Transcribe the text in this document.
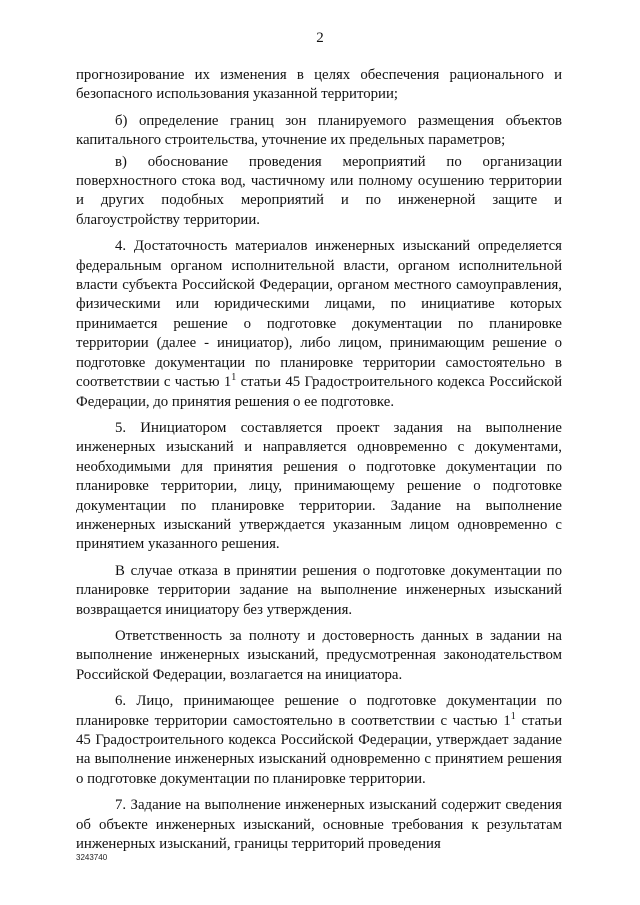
2

прогнозирование их изменения в целях обеспечения рационального и безопасного использования указанной территории;

б) определение границ зон планируемого размещения объектов капитального строительства, уточнение их предельных параметров;

в) обоснование проведения мероприятий по организации поверхностного стока вод, частичному или полному осушению территории и других подобных мероприятий и по инженерной защите и благоустройству территории.

4. Достаточность материалов инженерных изысканий определяется федеральным органом исполнительной власти, органом исполнительной власти субъекта Российской Федерации, органом местного самоуправления, физическими или юридическими лицами, по инициативе которых принимается решение о подготовке документации по планировке территории (далее - инициатор), либо лицом, принимающим решение о подготовке документации по планировке территории самостоятельно в соответствии с частью $1^1$ статьи 45 Градостроительного кодекса Российской Федерации, до принятия решения о ее подготовке.

5. Инициатором составляется проект задания на выполнение инженерных изысканий и направляется одновременно с документами, необходимыми для принятия решения о подготовке документации по планировке территории, лицу, принимающему решение о подготовке документации по планировке территории. Задание на выполнение инженерных изысканий утверждается указанным лицом одновременно с принятием указанного решения.

В случае отказа в принятии решения о подготовке документации по планировке территории задание на выполнение инженерных изысканий возвращается инициатору без утверждения.

Ответственность за полноту и достоверность данных в задании на выполнение инженерных изысканий, предусмотренная законодательством Российской Федерации, возлагается на инициатора.

6. Лицо, принимающее решение о подготовке документации по планировке территории самостоятельно в соответствии с частью $1^1$ статьи 45 Градостроительного кодекса Российской Федерации, утверждает задание на выполнение инженерных изысканий одновременно с принятием решения о подготовке документации по планировке территории.

7. Задание на выполнение инженерных изысканий содержит сведения об объекте инженерных изысканий, основные требования к результатам инженерных изысканий, границы территорий проведения

3243740
